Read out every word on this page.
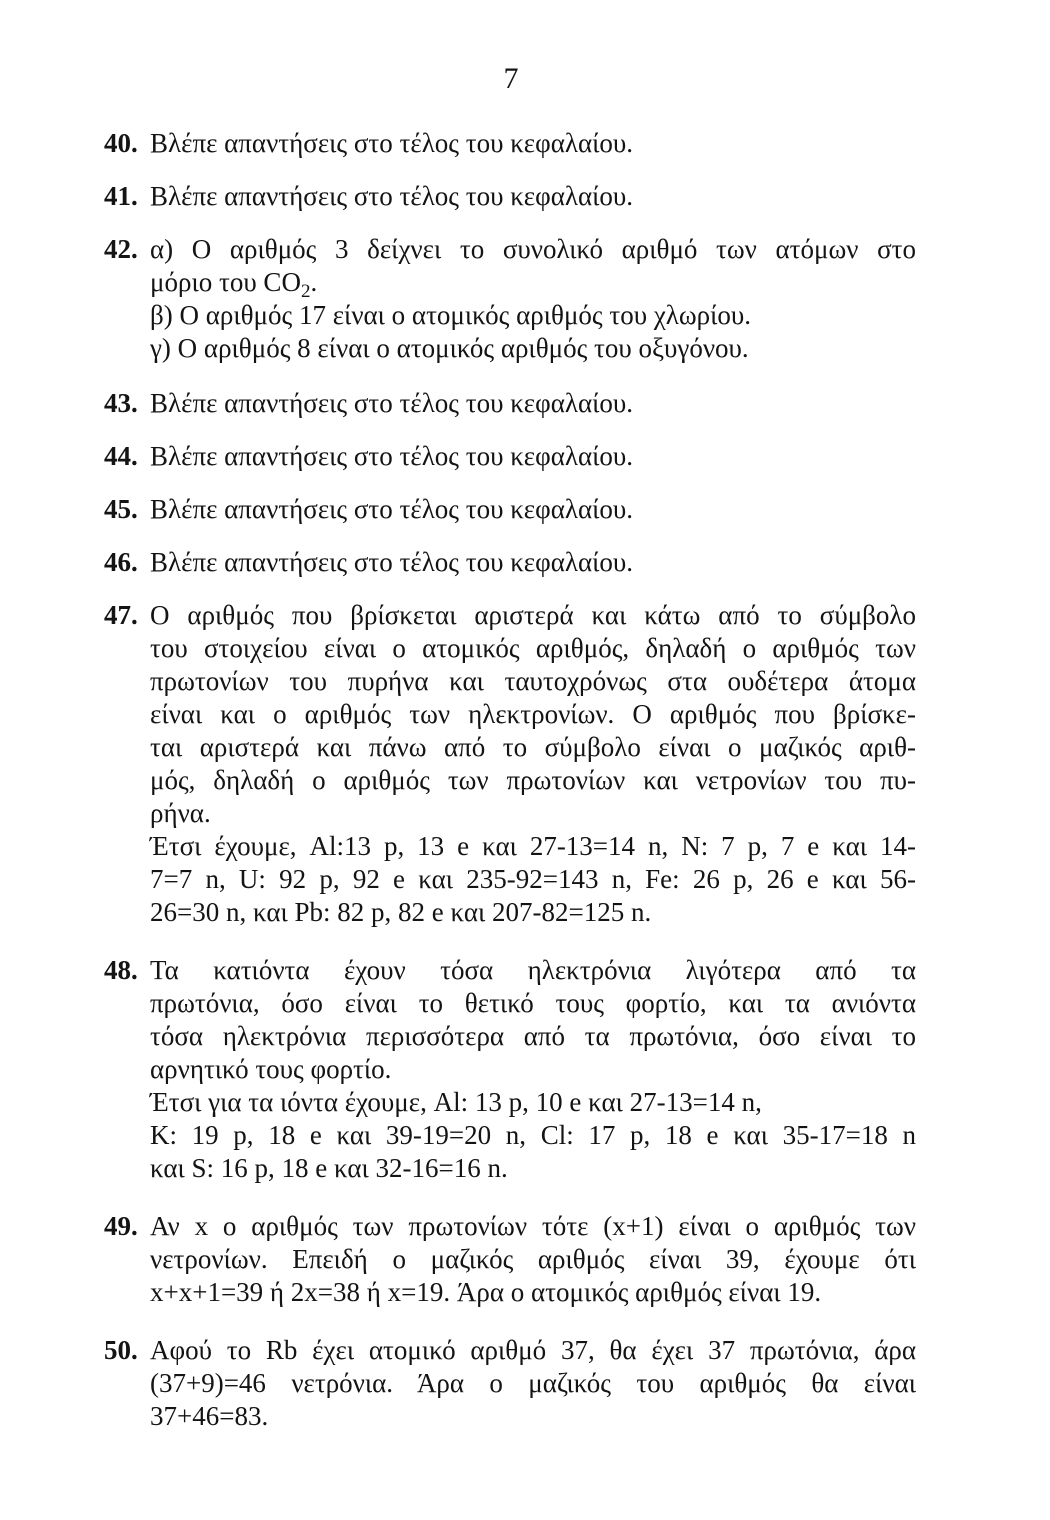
7
40. Βλέπε απαντήσεις στο τέλος του κεφαλαίου.
41. Βλέπε απαντήσεις στο τέλος του κεφαλαίου.
42. α) Ο αριθμός 3 δείχνει το συνολικό αριθμό των ατόμων στο
μόριο του $CO_2$.
β) Ο αριθμός 17 είναι ο ατομικός αριθμός του χλωρίου.
γ) Ο αριθμός 8 είναι ο ατομικός αριθμός του οξυγόνου.
43. Βλέπε απαντήσεις στο τέλος του κεφαλαίου.
44. Βλέπε απαντήσεις στο τέλος του κεφαλαίου.
45. Βλέπε απαντήσεις στο τέλος του κεφαλαίου.
46. Βλέπε απαντήσεις στο τέλος του κεφαλαίου.
47. Ο αριθμός που βρίσκεται αριστερά και κάτω από το σύμβολο
του στοιχείου είναι ο ατομικός αριθμός, δηλαδή ο αριθμός των
πρωτονίων του πυρήνα και ταυτοχρόνως στα ουδέτερα άτομα
είναι και ο αριθμός των ηλεκτρονίων. Ο αριθμός που βρίσκε-
ται αριστερά και πάνω από το σύμβολο είναι ο μαζικός αριθ-
μός, δηλαδή ο αριθμός των πρωτονίων και νετρονίων του πυ-
ρήνα.
Έτσι έχουμε, Al:13 p, 13 e και 27-13=14 n, N: 7 p, 7 e και 14-
7=7 n, U: 92 p, 92 e και 235-92=143 n, Fe: 26 p, 26 e και 56-
26=30 n, και Pb: 82 p, 82 e και 207-82=125 n.
48. Τα κατιόντα έχουν τόσα ηλεκτρόνια λιγότερα από τα
πρωτόνια, όσο είναι το θετικό τους φορτίο, και τα ανιόντα
τόσα ηλεκτρόνια περισσότερα από τα πρωτόνια, όσο είναι το
αρνητικό τους φορτίο.
Έτσι για τα ιόντα έχουμε, Al: 13 p, 10 e και 27-13=14 n,
K: 19 p, 18 e και 39-19=20 n, Cl: 17 p, 18 e και 35-17=18 n
και S: 16 p, 18 e και 32-16=16 n.
49. Αν x ο αριθμός των πρωτονίων τότε (x+1) είναι ο αριθμός των
νετρονίων. Επειδή ο μαζικός αριθμός είναι 39, έχουμε ότι
x+x+1=39 ή 2x=38 ή x=19. Άρα ο ατομικός αριθμός είναι 19.
50. Αφού το Rb έχει ατομικό αριθμό 37, θα έχει 37 πρωτόνια, άρα
(37+9)=46 νετρόνια. Άρα ο μαζικός του αριθμός θα είναι
37+46=83.
